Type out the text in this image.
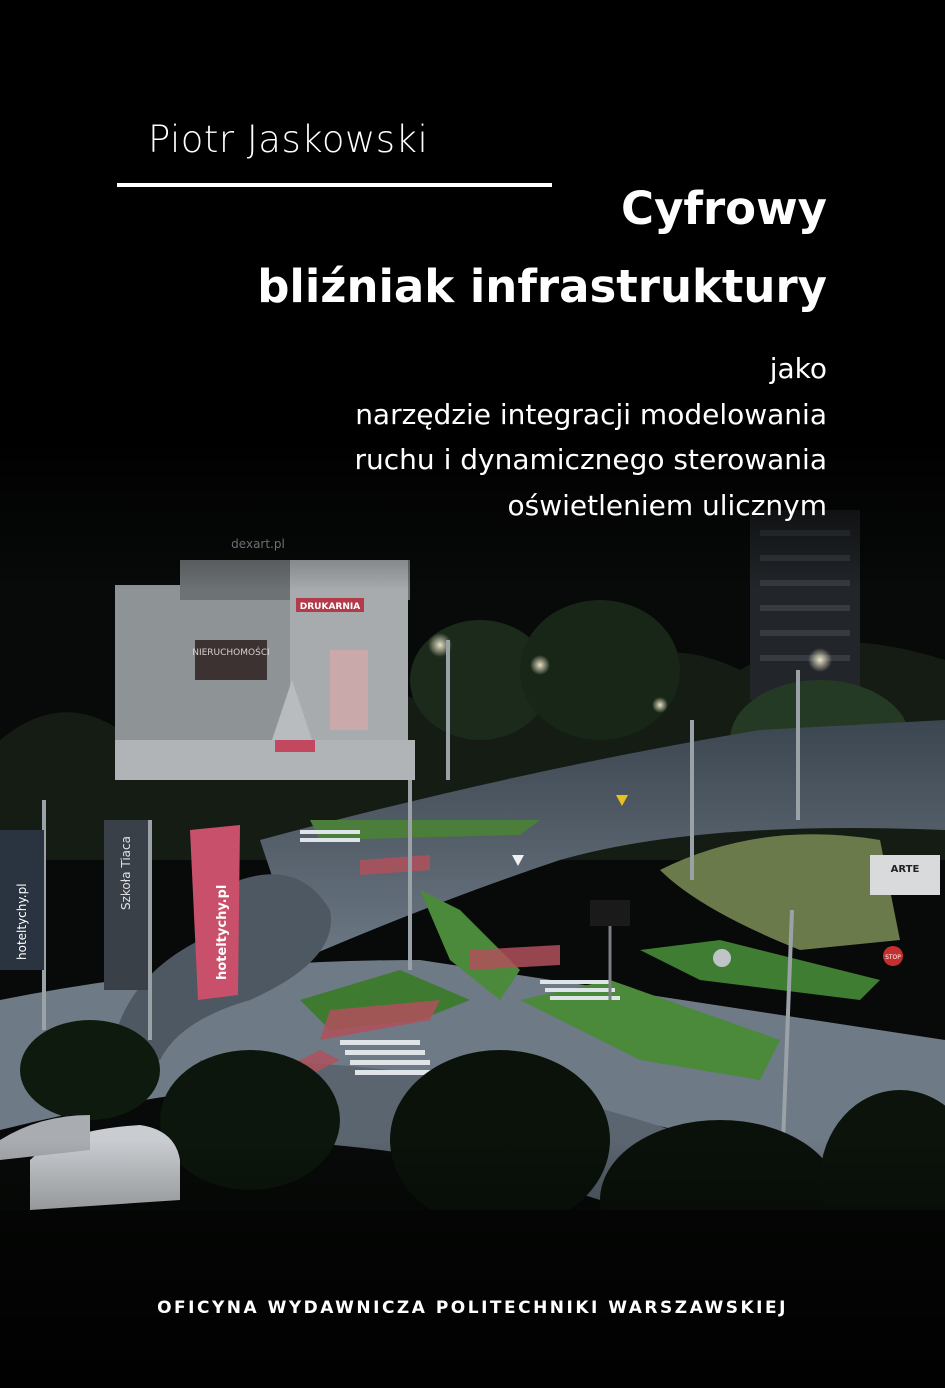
NIERUCHOMOŚCI
DRUKARNIA
hoteltychy.pl
Szkoła Tiaca
hoteltychy.pl	STOP
ARTE
Piotr Jaskowski
Cyfrowy
bliźniak infrastruktury
jako
narzędzie integracji modelowania
ruchu i dynamicznego sterowania
oświetleniem ulicznym
OFICYNA WYDAWNICZA POLITECHNIKI WARSZAWSKIEJ
